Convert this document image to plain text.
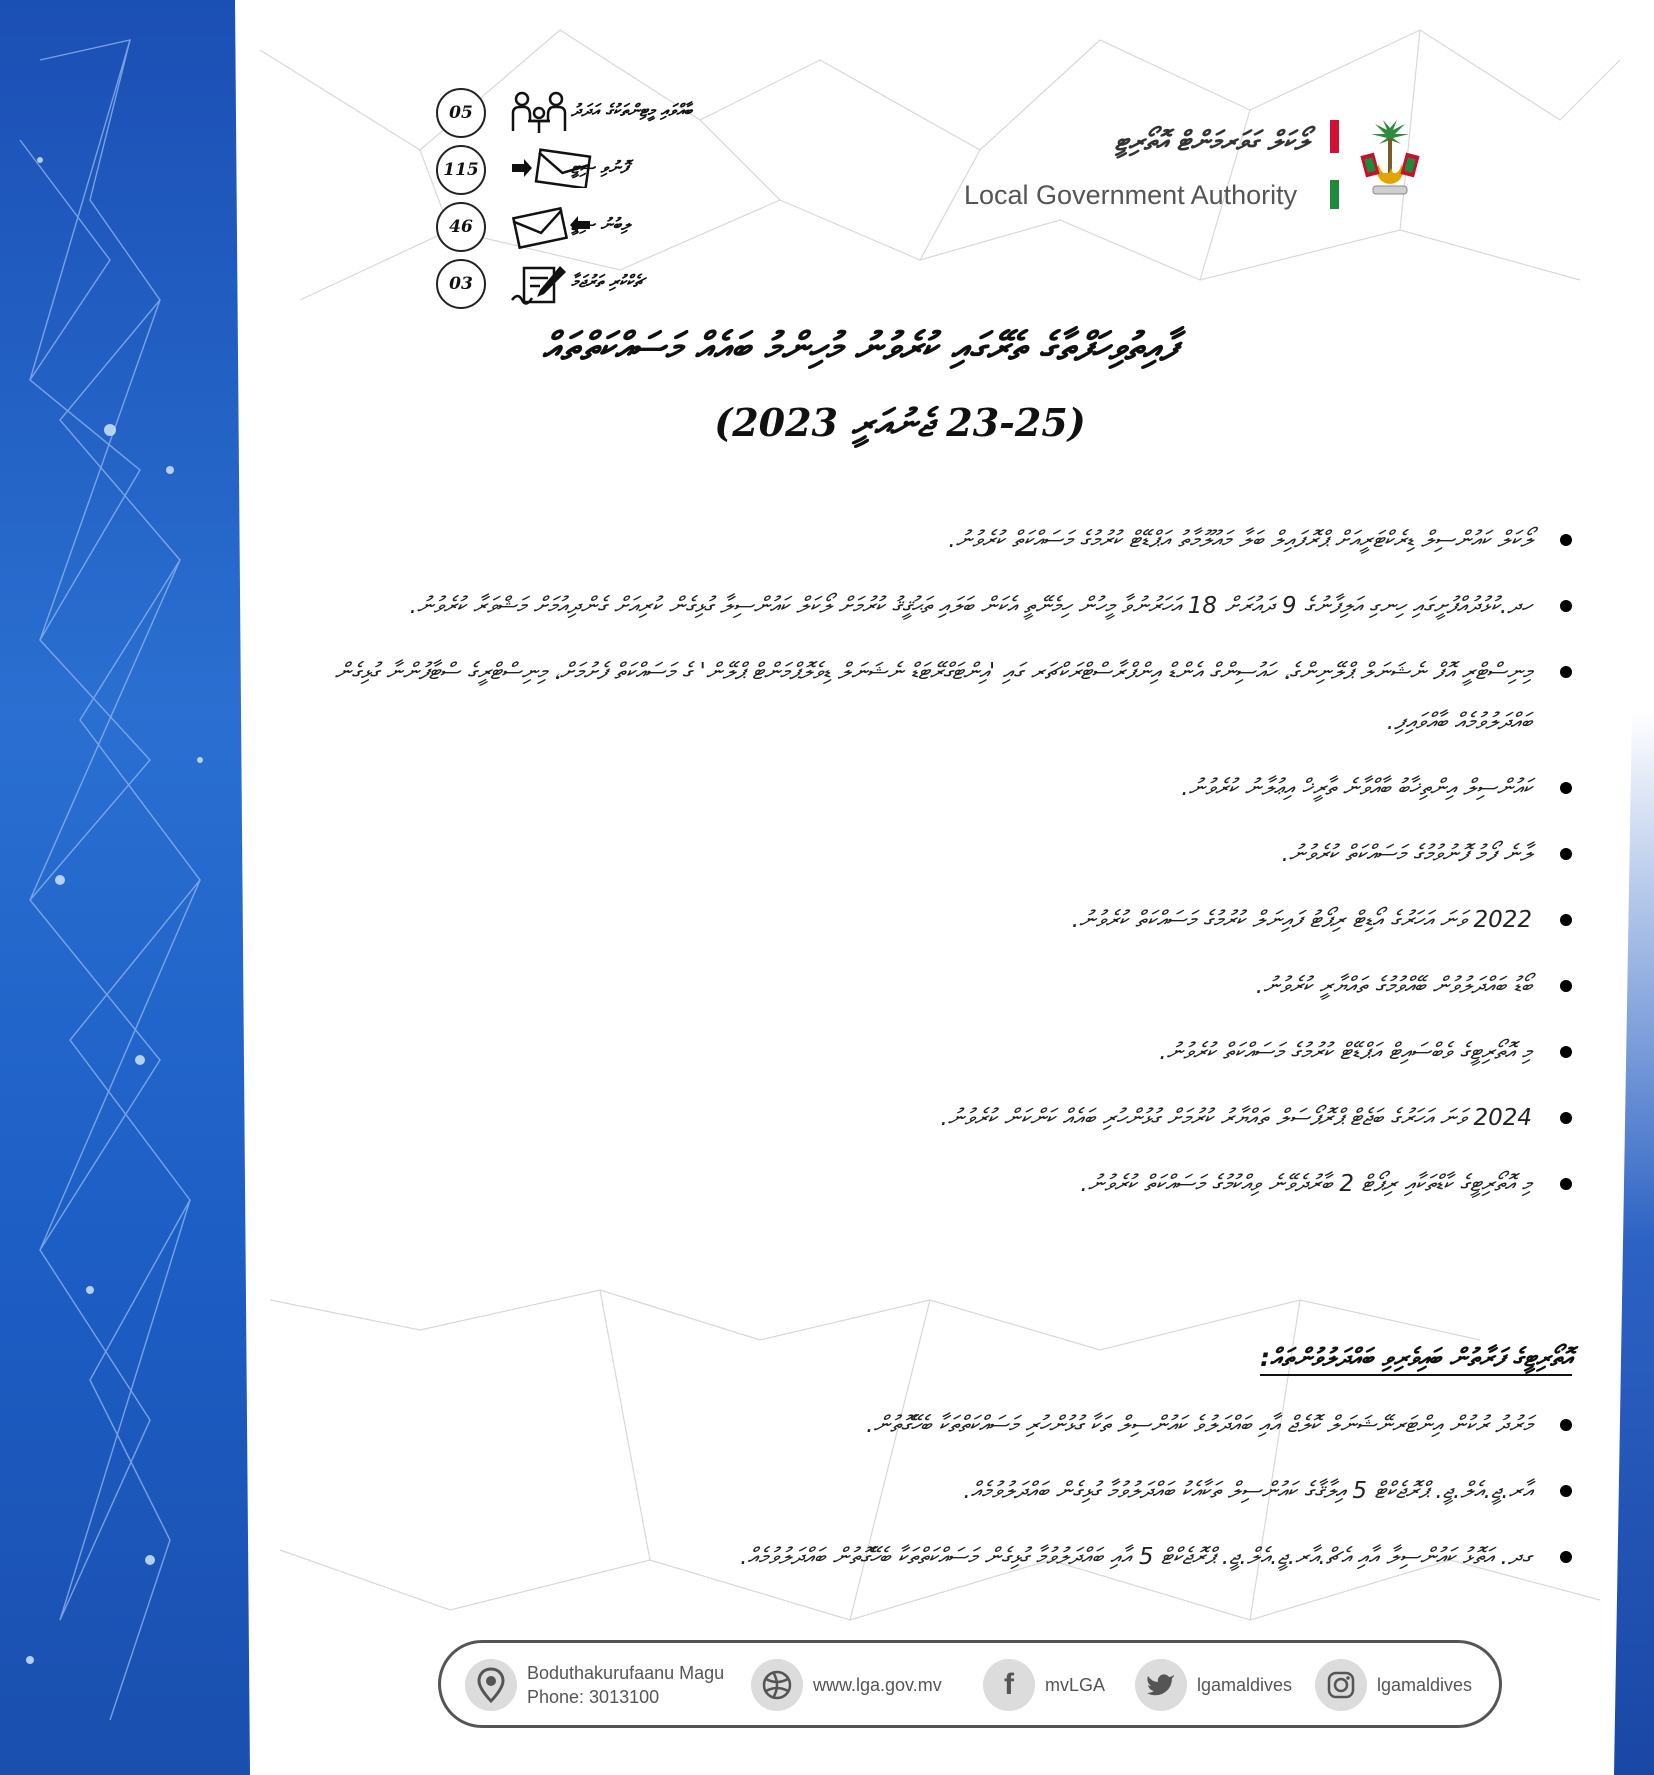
05	ބާއްވައި މީޓިންތަކުގެ އަދަދު
115	ފޮނުވި ސިޓީ
46	ލިބުނު ސިޓީ
03	ޗެކްކުރި ތަރުޖަމާ
ލޯކަލް ގަވަރމަންޓް އޮތޯރިޓީ
Local Government Authority
ފާއިތުވިހަފްތާގެ ތެރޭގައި ކުރެވުނު މުހިންމު ބައެއް މަސައްކަތްތައް
(23-25 ޖެނުއަރީ 2023)
ލޯކަލް ކައުންސިލް ޑިރެކްޓަރީއަށް ޕްރޮފައިލް ބަލާ މައުލޫމާތު އަޕްޑޭޓް ކުރުމުގެ މަސައްކަތް ކުރެވުނު.
ހދ.ކުޅުދުއްފުށީގައި ހިނގި އަލިފާނުގެ 9 ދައުރަށް 18 އަހަރުނުވާ މީހުން ހިމެނޭތީ އެކަން ބަލައި ތަޙުޤީޤު ކުރުމަށް ލޯކަލް ކައުންސިލާ ގުޅިގެން ކުރިއަށް ގެންދިއުމަށް މަޝްވަރާ ކުރެވުނު.
މިނިސްޓްރީ އޮފް ނެޝަނަލް ޕްލޭނިންގެ، ހައުސިންގް އެންޑް އިންފްރާސްޓްރަކްޗަރ ގައި 'އިންޓަގްރޭޓަޑް ނެޝަނަލް ޑިވެލޮޕްމަންޓް ޕްލޭން' ގެ މަސައްކަތް ފެށުމަށް، މިނިސްޓްރީގެ ސްޓާފުންނާ ގުޅިގެން ބައްދަލުވުމެއް ބާއްވައިފި.
ކައުންސިލް އިންތިޚާބު ބާއްވާނެ ތާރީޚް އިޢުލާނު ކުރެވުނު.
ލާނެ ފޯމު ފޮނުވުމުގެ މަސައްކަތް ކުރެވުނު.
2022 ވަނަ އަހަރުގެ އޯޑިޓް ރިޕޯޓު ފައިނަލް ކުރުމުގެ މަސައްކަތް ކުރެވުނު.
ބޯޑު ބައްދަލުވުން ބޭއްވުމުގެ ތައްޔާރީ ކުރެވުނު.
މި އޮތޯރިޓީގެ ވެބްސައިޓް އަޕްޑޭޓް ކުރުމުގެ މަސައްކަތް ކުރެވުނު.
2024 ވަނަ އަހަރުގެ ބަޖެޓް ޕްރޮޕޯސަލް ތައްޔާރު ކުރުމަށް ގުޅުންހުރި ބައެއް ކަންކަން ކުރެވުނު.
މި އޮތޯރިޓީގެ ކާޑްތަކާއި ރިޕޯޓް 2 ބާރުދެވޭނެ ވިއްކުމުގެ މަސައްކަތް ކުރެވުނު.
އޮތޯރިޓީގެ ފަރާތުން ބައިވެރިވި ބައްދަލުވުންތައް:
މަރުދު ރުކުން އިންޓަރނޭޝަނަލް ކޮލެޖް އާއި ބައްދަލުވެ ކައުންސިލް ތަކާ ގުޅުންހުރި މަސައްކަތްތަކާ ބެހޭގޮތުން.
އާރ.ޖީ.އެލް.ޖީ. ޕްރޮޖެކްޓް 5 އިލާޤާގެ ކައުންސިލް ތަކާއެކު ބައްދަލުވުމާ ގުޅިގެން ބައްދަލުވުމެއް.
ގދ. އަތޮޅު ކައުންސިލާ އާއި އެޗް.އާރ.ޖީ.އެލް.ޖީ. ޕްރޮޖެކްޓް 5 އާއި ބައްދަލުވުމާ ގުޅިގެން މަސައްކަތްތަކާ ބެހޭގޮތުން ބައްދަލުވުމެއް.
Boduthakurufaanu Magu
Phone: 3013100
www.lga.gov.mv f mvLGA	lgamaldives	lgamaldives
